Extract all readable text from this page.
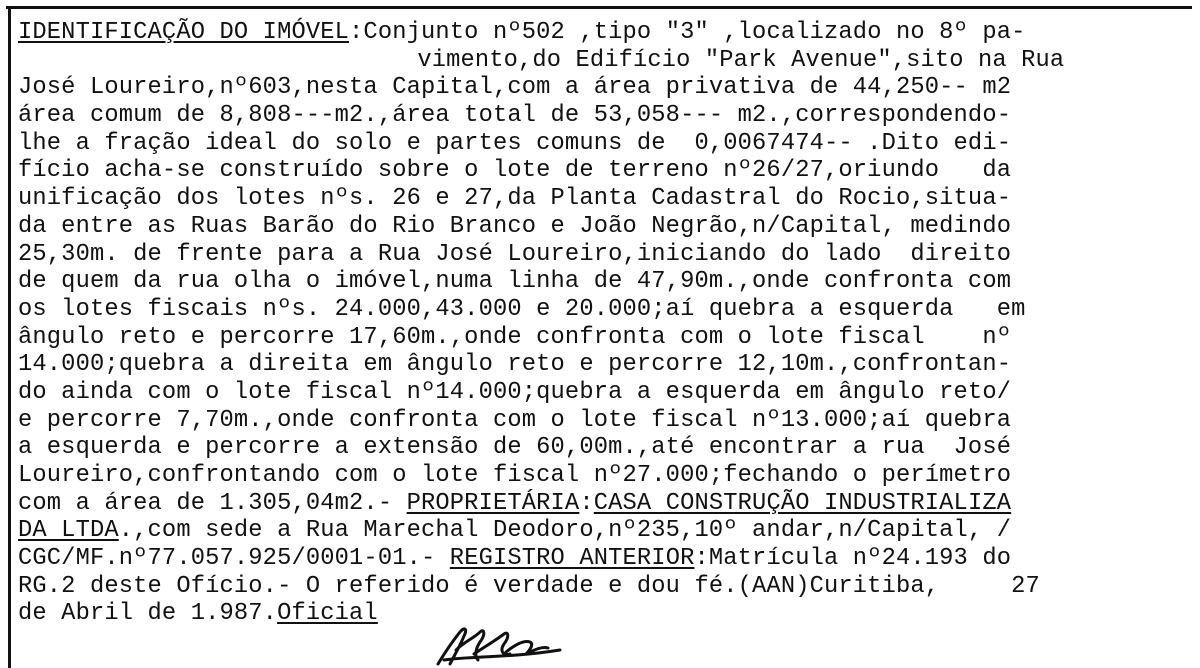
IDENTIFICAÇÃO DO IMÓVEL:Conjunto nº502 ,tipo "3" ,localizado no 8º pa-
vimento,do Edifício "Park Avenue",sito na Rua
José Loureiro,nº603,nesta Capital,com a área privativa de 44,250-- m2
área comum de 8,808---m2.,área total de 53,058--- m2.,correspondendo-
lhe a fração ideal do solo e partes comuns de  0,0067474-- .Dito edi-
fício acha-se construído sobre o lote de terreno nº26/27,oriundo   da
unificação dos lotes nºs. 26 e 27,da Planta Cadastral do Rocio,situa-
da entre as Ruas Barão do Rio Branco e João Negrão,n/Capital, medindo
25,30m. de frente para a Rua José Loureiro,iniciando do lado  direito
de quem da rua olha o imóvel,numa linha de 47,90m.,onde confronta com
os lotes fiscais nºs. 24.000,43.000 e 20.000;aí quebra a esquerda   em
ângulo reto e percorre 17,60m.,onde confronta com o lote fiscal    nº
14.000;quebra a direita em ângulo reto e percorre 12,10m.,confrontan-
do ainda com o lote fiscal nº14.000;quebra a esquerda em ângulo reto/
e percorre 7,70m.,onde confronta com o lote fiscal nº13.000;aí quebra
a esquerda e percorre a extensão de 60,00m.,até encontrar a rua  José
Loureiro,confrontando com o lote fiscal nº27.000;fechando o perímetro
com a área de 1.305,04m2.- PROPRIETÁRIA:CASA CONSTRUÇÃO INDUSTRIALIZA
DA LTDA.,com sede a Rua Marechal Deodoro,nº235,10º andar,n/Capital, /
CGC/MF.nº77.057.925/0001-01.- REGISTRO ANTERIOR:Matrícula nº24.193 do
RG.2 deste Ofício.- O referido é verdade e dou fé.(AAN)Curitiba,     27
de Abril de 1.987.Oficial
